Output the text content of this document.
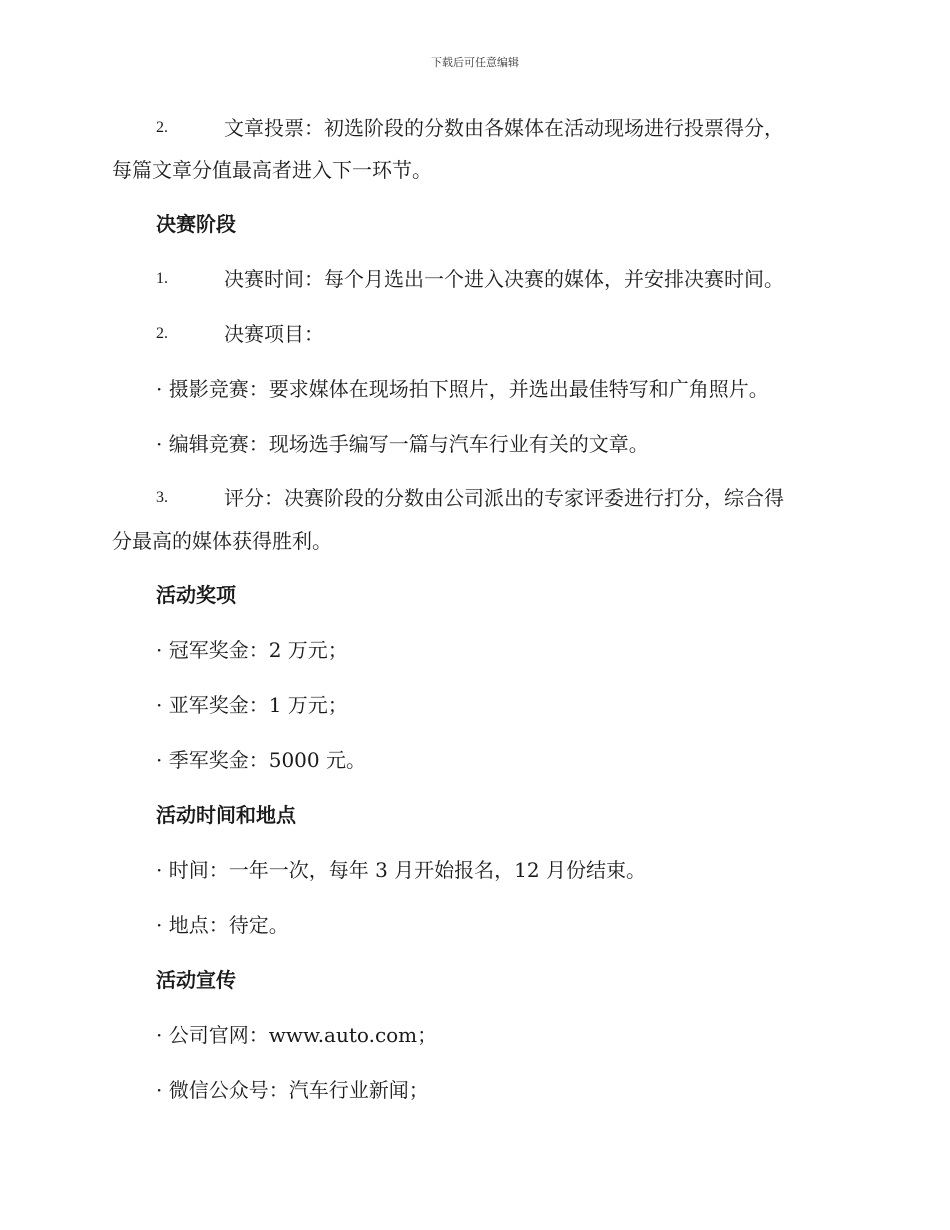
下载后可任意编辑
2.	文章投票：初选阶段的分数由各媒体在活动现场进行投票得分，
每篇文章分值最高者进入下一环节。
决赛阶段
1.	决赛时间：每个月选出一个进入决赛的媒体，并安排决赛时间。
2.	决赛项目：
· 摄影竞赛：要求媒体在现场拍下照片，并选出最佳特写和广角照片。
· 编辑竞赛：现场选手编写一篇与汽车行业有关的文章。
3.	评分：决赛阶段的分数由公司派出的专家评委进行打分，综合得
分最高的媒体获得胜利。
活动奖项
· 冠军奖金：2 万元；
· 亚军奖金：1 万元；
· 季军奖金：5000 元。
活动时间和地点
· 时间：一年一次，每年 3 月开始报名，12 月份结束。
· 地点：待定。
活动宣传
· 公司官网：www.auto.com；
· 微信公众号：汽车行业新闻；
